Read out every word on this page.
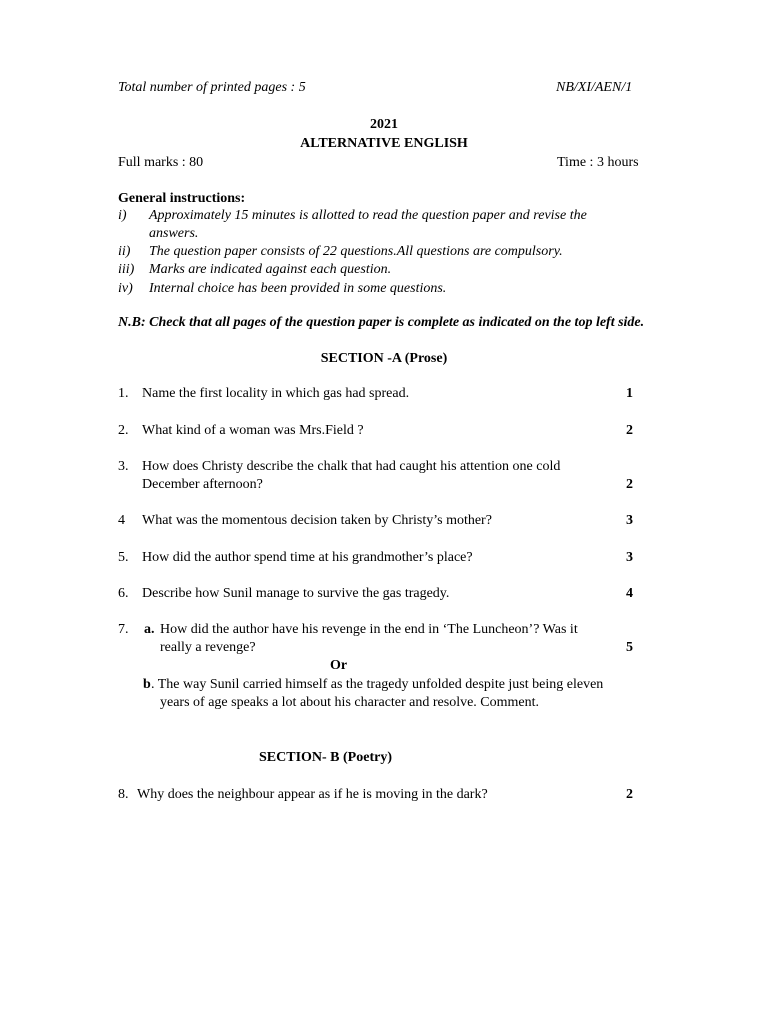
Total number of printed pages : 5	NB/XI/AEN/1
2021
ALTERNATIVE ENGLISH
Full marks : 80	Time : 3 hours
General instructions:
i) Approximately 15 minutes is allotted to read the question paper and revise the
answers.
ii) The question paper consists of 22 questions.All questions are compulsory.
iii) Marks are indicated against each question.
iv) Internal choice has been provided in some questions.
N.B: Check that all pages of the question paper is complete as indicated on the top left side.
SECTION -A (Prose)
1. Name the first locality in which gas had spread.	1
2. What kind of a woman was Mrs.Field ?	2
3. How does Christy describe the chalk that had caught his attention one cold
December afternoon?	2
4 What was the momentous decision taken by Christy’s mother?	3
5. How did the author spend time at his grandmother’s place?	3
6. Describe how Sunil manage to survive the gas tragedy.	4
7. a. How did the author have his revenge in the end in ‘The Luncheon’? Was it
really a revenge?	5
Or
b . The way Sunil carried himself as the tragedy unfolded despite just being eleven
years of age speaks a lot about his character and resolve. Comment.
SECTION- B (Poetry)
8. Why does the neighbour appear as if he is moving in the dark?	2
